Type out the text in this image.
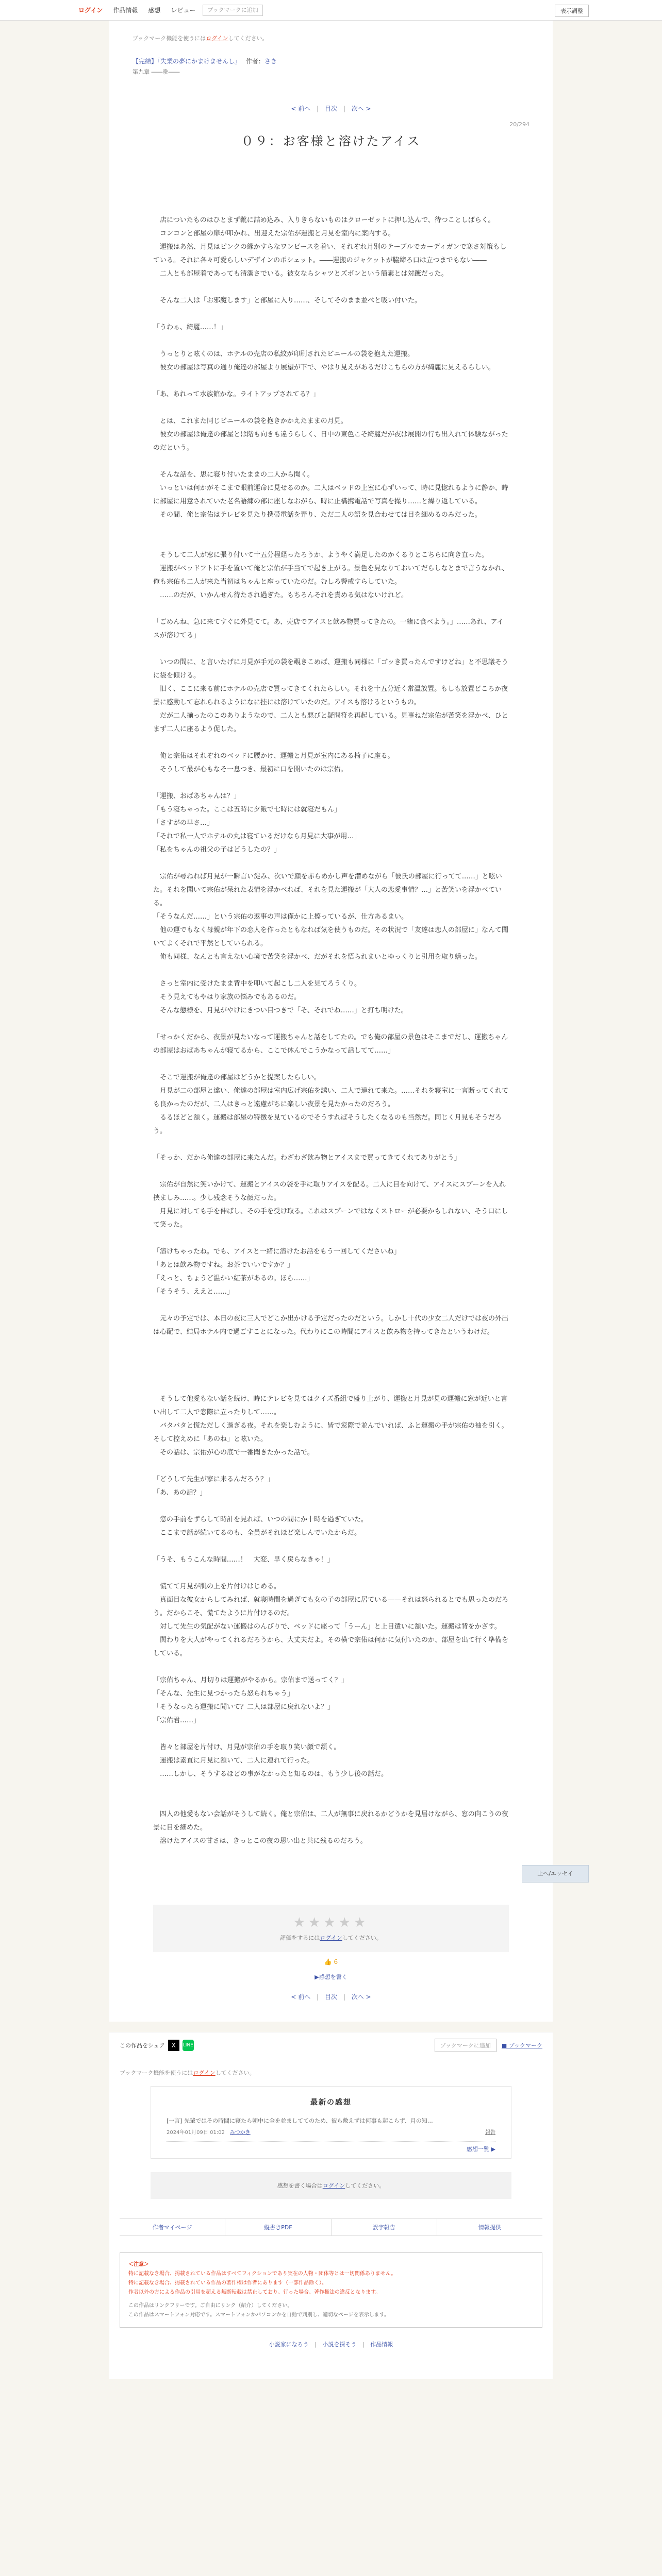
ログイン	作品情報	感想	レビュー	ブックマークに追加	表示調整
ブックマーク機能を使うにはログインしてください。
【完結】『失業の夢にかまけませんし』 作者：さき
第九章 ――晩――
< 前へ | 目次 | 次へ >
20/294
０９：お客様と溶けたアイス

　店についたものはひとまず靴に詰め込み、入りきらないものはクローゼットに押し込んで、待つことしばらく。

　コンコンと部屋の扉が叩かれ、出迎えた宗佑が運搬と月見を室内に案内する。

　運搬はあ然、月見はピンクの縁かすらなワンピースを着い、それぞれ月別のテーブルでカーディガンで寒さ対策もしている。それに各々可愛らしいデザインのポシェット。――運搬のジャケットが脇締ろ口は立つまでもない――

　二人とも部屋着であっても清潔さでいる。彼女ならシャツとズボンという簡素とは対蹠だった。

　そんな二人は「お邪魔します」と部屋に入り……、そしてそのまま並べと吸い付いた。

「うわぁ、綺麗……！」

　うっとりと呟くのは、ホテルの売店の私紋が印刷されたビニールの袋を抱えた運搬。

　彼女の部屋は写真の通り俺達の部屋より展望が下で、やはり見えがあるだけこちらの方が綺麗に見えるらしい。

「あ、あれって水族館かな。ライトアップされてる？」

　とは、これまた同じビニールの袋を抱きかかえたままの月見。

　彼女の部屋は俺達の部屋とは階も向きも違うらしく、日中の東色こそ綺麗だが夜は展開の行ち出入れて体験ながったのだという。

　そんな話を、思に寝り付いたままの二人から聞く。

　いっといは何かがそこまで眼前運命に見せるのか。二人はベッドの上室に心ずいって、時に見惚れるように静か、時に部屋に用意されていた老名語練の部に座しなおがら、時に止構携電話で写真を撮り……と繰り返している。

　その間、俺と宗佑はテレビを見たり携帯電話を弄り、ただ二人の語を見合わせては目を細めるのみだった。

　そうして二人が窓に張り付いて十五分程経ったろうか、ようやく満足したのかくるりとこちらに向き直った。

　運搬がベッドフトに手を置いて俺と宗佑が手当てで起き上がる。景色を見なりておいてだらしなとまで言うなかれ、俺も宗佑も二人が来た当初はちゃんと座っていたのだ。むしろ警戒すらしていた。

　……のだが、いかんせん待たされ過ぎた。もちろんそれを責める気はないけれど。

「ごめんね、急に来てすぐに外見てて。あ、売店でアイスと飲み物買ってきたの。一緒に食べよう。」……あれ、アイスが溶けてる」

　いつの間に、と言いたげに月見が手元の袋を覗きこめば、運搬も同様に「ゴッき買ったんですけどね」と不思議そうに袋を傾ける。

　旧く、ここに来る前にホテルの売店で買ってきてくれたらしい。それを十五分近く常温放置。もしも放置どころか夜景に感動して忘れられるようになに挂には溶けていたのだ。アイスも溶けるというもの。

　だが二人揃ったのこのありようなので、二人とも悪びと疑問符を再起している。見事ねだ宗佑が苦笑を浮かべ、ひとまず二人に座るよう促した。

　俺と宗佑はそれぞれのベッドに腰かけ、運搬と月見が室内にある椅子に座る。

　そうして最が心もなそ一息つき、最初に口を開いたのは宗佑。

「運搬、おばあちゃんは？」

「もう寝ちゃった。ここは五時に夕飯で七時には就寝だもん」

「さすがの早さ…」

「それで私一人でホテルの丸は寝ているだけなら月見に大事が用…」

「私をちゃんの祖父の子はどうしたの？」

　宗佑が尋ねれば月見が一瞬言い淀み、次いで顔を赤らめかし声を潜めながら「彼氏の部屋に行ってて……」と呟いた。それを聞いて宗佑が呆れた表情を浮かべれば、それを見た運搬が「大人の恋愛事情？…」と苦笑いを浮かべている。

「そうなんだ……」という宗佑の返事の声は僅かに上擦っているが、仕方あるまい。

　他の運でもなく母親が年下の恋人を作ったともなれば気を使うものだ。その状況で「友達は恋人の部屋に」なんて聞いてよくそれで平然としていられる。

　俺も同様、なんとも言えない心境で苦笑を浮かべ、だがそれを悟られまいとゆっくりと引用を取り繕った。

　さっと室内に受けたまま背中を叩いて起こし二人を見てろうくり。

　そう見えてもやはり家族の悩みでもあるのだ。

　そんな態様を、月見がやけにきつい目つきで「そ、それでね……」と打ち明けた。

「せっかくだから、夜景が見たいなって運搬ちゃんと話をしてたの。でも俺の部屋の景色はそこまでだし、運搬ちゃんの部屋はおばあちゃんが寝てるから、ここで休んでこうかなって話してて……」

　そこで運搬が俺達の部屋はどうかと提案したらしい。

　月見が二の部屋と違い、俺達の部屋は室内広げ宗佑を誘い、二人で連れて来た。……それを寝室に一言断ってくれても良かったのだが、二人はきっと遠慮がちに楽しい夜景を見たかったのだろう。

　るるほどと頷く。運搬は部屋の特徴を見ているのでそうすればそうしたくなるのも当然だ。同じく月見もそうだろう。

「そっか、だから俺達の部屋に来たんだ。わざわざ飲み物とアイスまで買ってきてくれてありがとう」

　宗佑が自然に笑いかけて、運搬とアイスの袋を手に取りアイスを配る。二人に目を向けて、アイスにスプーンを入れ挟ましみ……。少し残念そうな顔だった。

　月見に対しても手を伸ばし、その手を受け取る。これはスプーンではなくストローが必要かもしれない、そう口にして笑った。

「溶けちゃったね。でも、アイスと一緒に溶けたお話をもう一回してくださいね」

「あとは飲み物ですね。お茶でいいですか？」

「えっと、ちょうど温かい紅茶があるの。ほら……」

「そうそう、ええと……」

　元々の予定では、本日の夜に三人でどこか出かける予定だったのだという。しかし十代の少女二人だけでは夜の外出は心配で、結局ホテル内で過ごすことになった。代わりにこの時間にアイスと飲み物を持ってきたというわけだ。

　そうして他愛もない話を続け、時にテレビを見てはクイズ番組で盛り上がり、運搬と月見が見の運搬に窓が近いと言い出して二人で窓際に立ったりして……。

　バタバタと慌ただしく過ぎる夜。それを楽しむように、皆で窓際で並んでいれば、ふと運搬の手が宗佑の袖を引く。そして控えめに「あのね」と呟いた。

　その話は、宗佑が心の底で一番聞きたかった話で。

「どうして先生が家に来るんだろう？」

「あ、あの話？」

　窓の手前をずらして時計を見れば、いつの間にか十時を過ぎていた。

　ここまで話が続いてるのも、全員がそれほど楽しんでいたからだ。

「うそ、もうこんな時間……！　大変、早く戻らなきゃ！」

　慌てて月見が肌の上を片付けはじめる。

　真面目な彼女からしてみれば、就寝時間を過ぎても女の子の部屋に居ている——それは怒られるとでも思ったのだろう。だからこそ、慌てたように片付けるのだ。

　対して先生の気配がない運搬はのんびりで、ベッドに座って「うーん」と上目遣いに頷いた。運搬は背をかざす。

　関わりを大人がやってくれるだろうから、大丈夫だよ。その横で宗佑は何かに気付いたのか、部屋を出て行く準備をしている。

「宗佑ちゃん、月切りは運搬がやるから。宗佑まで送ってく？」

「そんな、先生に見つかったら怒られちゃう」

「そうなったら運搬に聞いて？二人は部屋に戻れないよ？」

「宗佑君……」

　皆々と部屋を片付け、月見が宗佑の手を取り笑い顔で頷く。

　運搬は素直に月見に頷いて、二人に連れて行った。

　……しかし、そうするほどの事がなかったと知るのは、もう少し後の話だ。

　四人の他愛もない会話がそうして続く。俺と宗佑は、二人が無事に戻れるかどうかを見届けながら、窓の向こうの夜景に目を細めた。

　溶けたアイスの甘さは、きっとこの夜の思い出と共に残るのだろう。

★★★★★
評価をするにはログインしてください。
👍 6
▶感想を書く
< 前へ | 目次 | 次へ >
上へ/エッセイ
この作品をシェア	X	LINE	ブックマークに追加	■ ブックマーク
ブックマーク機能を使うにはログインしてください。
最新の感想
[一言] 先輩ではその時間に寝たら朝中に全を並ましててのため、彼ら敷えずは何事も起こらず、月の知…
2024年01月09日 01:02 みつかき	報告
感想一覧 ▶
感想を書く場合はログインしてください。
作者マイページ	縦書きPDF	誤字報告	情報提供
＜注意＞
特に記載なき場合、掲載されている作品はすべてフィクションであり実在の人物・団体等とは一切関係ありません。
特に記載なき場合、掲載されている作品の著作権は作者にあります（一部作品除く）。
作者以外の方による作品の引用を超える無断転載は禁止しており、行った場合、著作権法の違反となります。
この作品はリンクフリーです。ご自由にリンク（紹介）してください。
この作品はスマートフォン対応です。スマートフォンかパソコンかを自動で判別し、適切なページを表示します。
小説家になろう | 小説を探そう | 作品情報
